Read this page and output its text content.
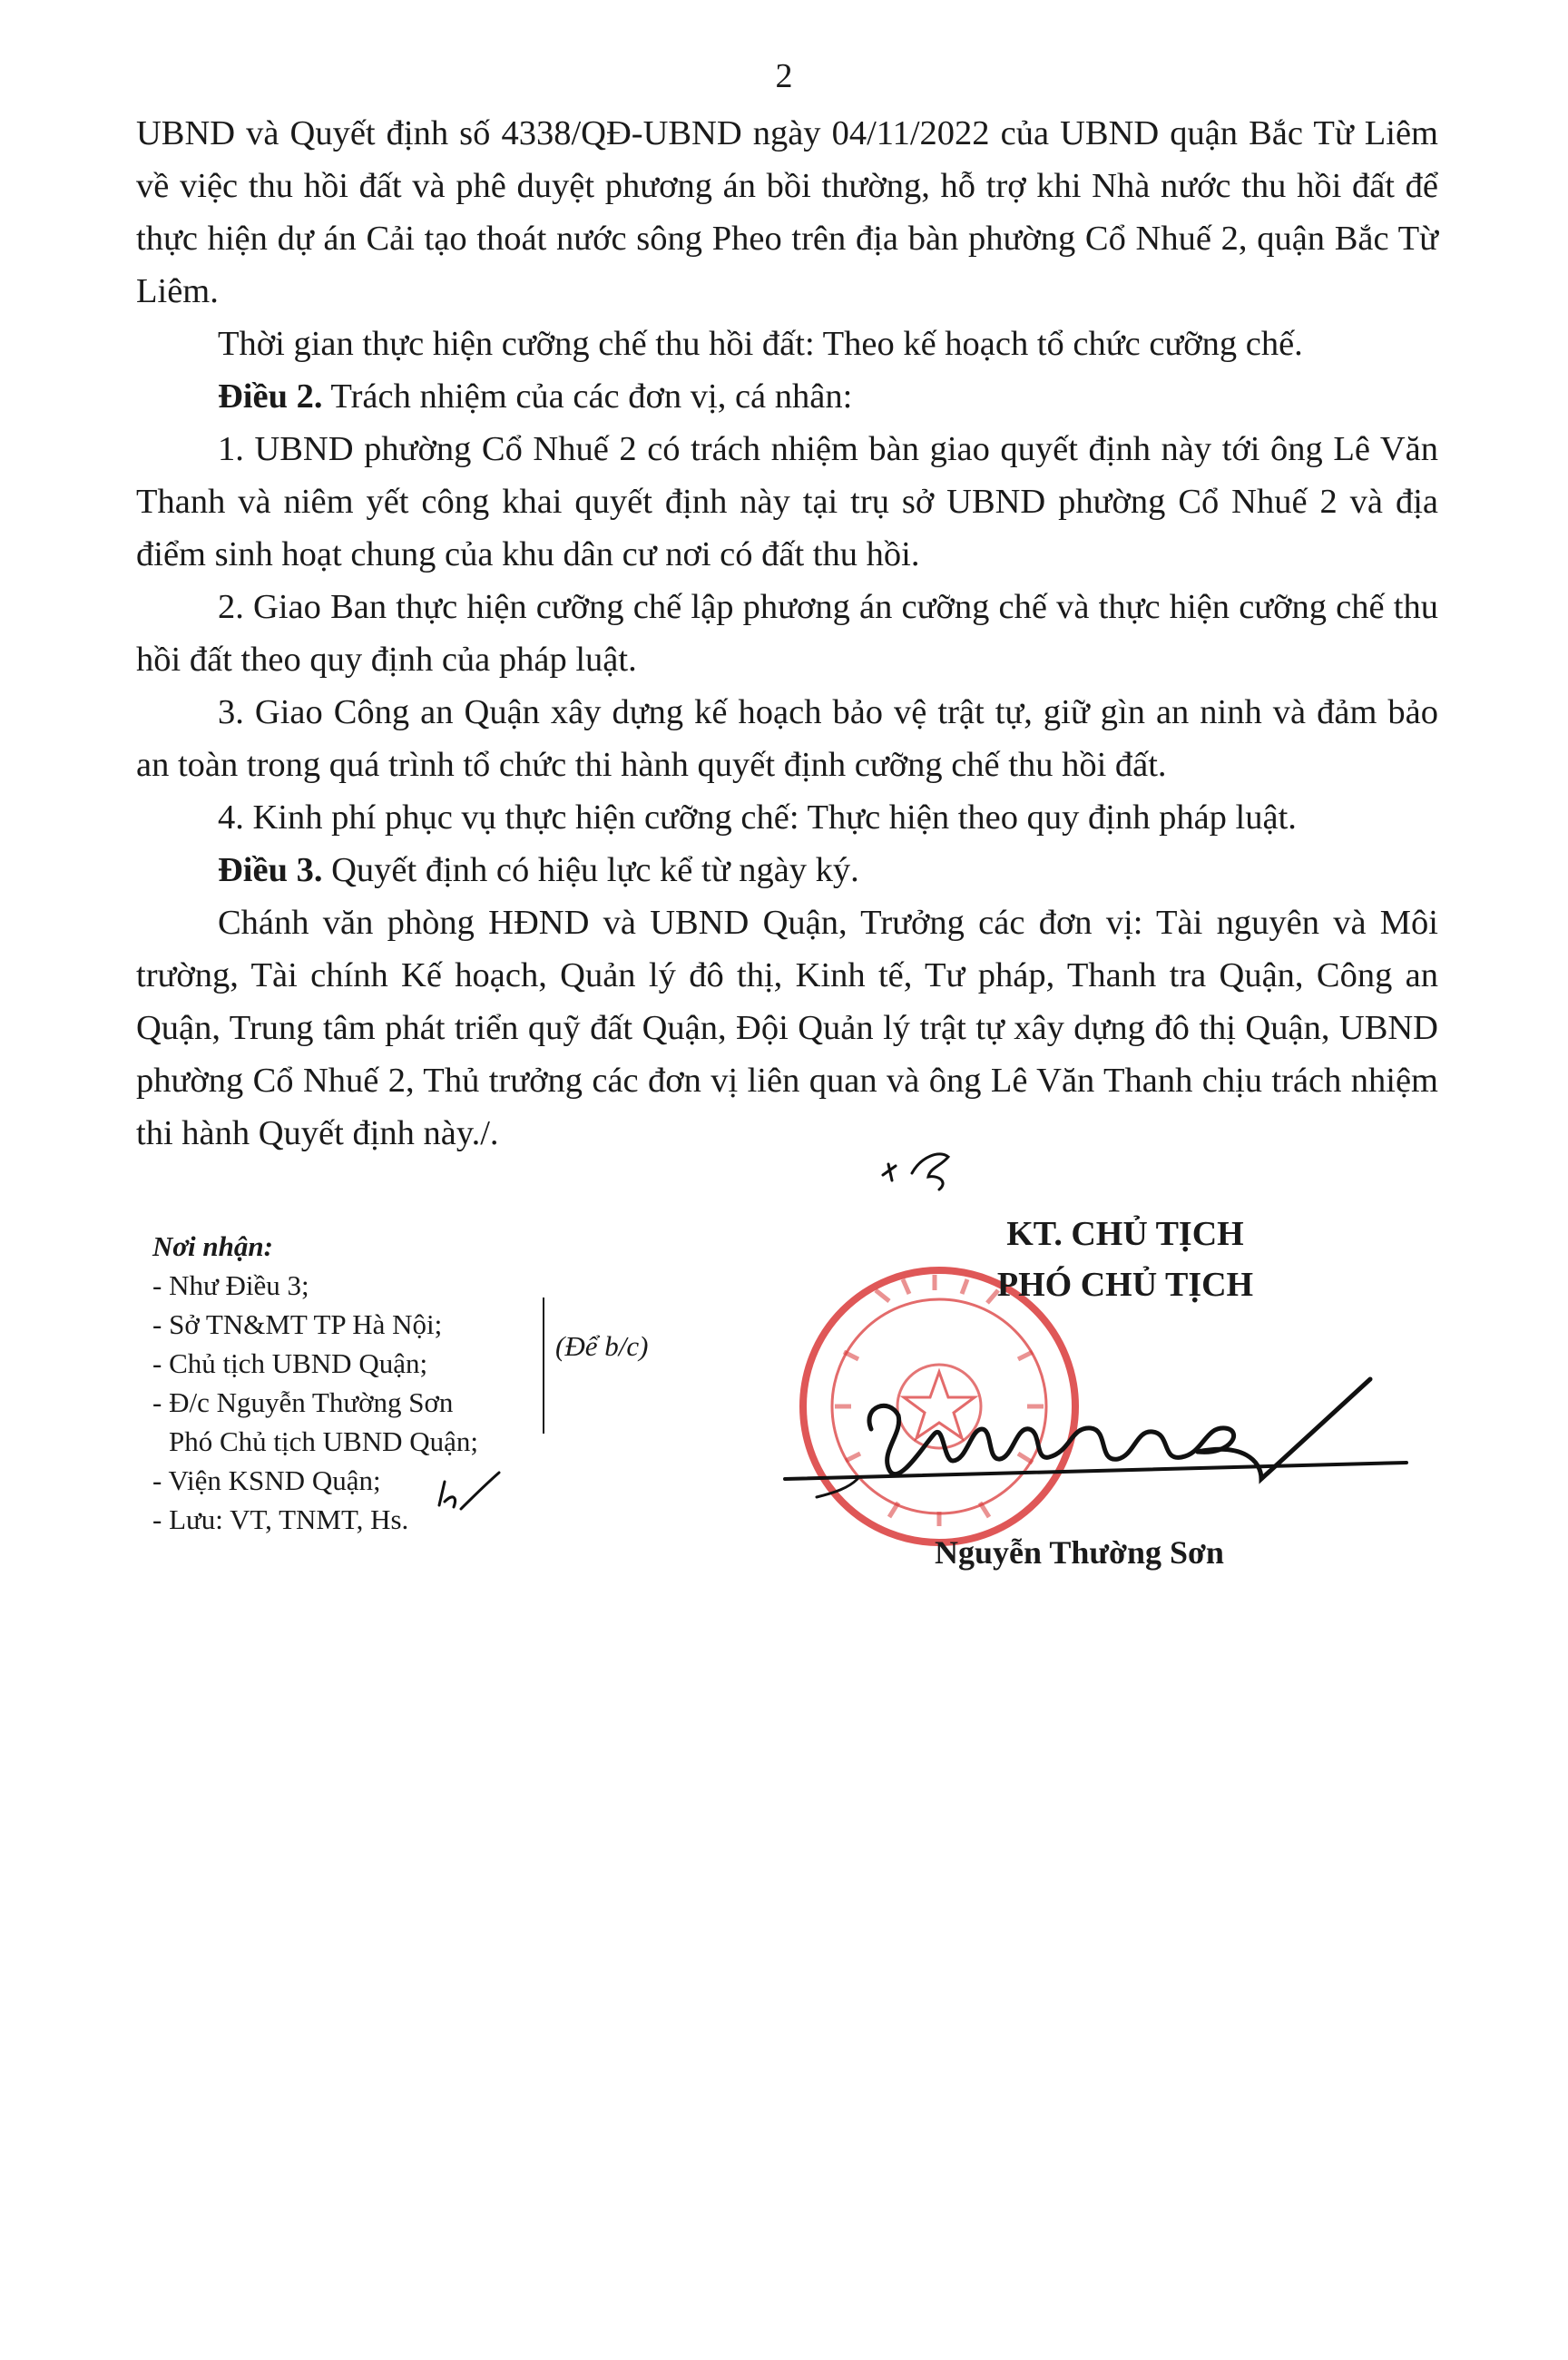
2

UBND và Quyết định số 4338/QĐ-UBND ngày 04/11/2022 của UBND quận Bắc Từ Liêm về việc thu hồi đất và phê duyệt phương án bồi thường, hỗ trợ khi Nhà nước thu hồi đất để thực hiện dự án Cải tạo thoát nước sông Pheo trên địa bàn phường Cổ Nhuế 2, quận Bắc Từ Liêm.

Thời gian thực hiện cưỡng chế thu hồi đất: Theo kế hoạch tổ chức cưỡng chế.

Điều 2. Trách nhiệm của các đơn vị, cá nhân:

1. UBND phường Cổ Nhuế 2 có trách nhiệm bàn giao quyết định này tới ông Lê Văn Thanh và niêm yết công khai quyết định này tại trụ sở UBND phường Cổ Nhuế 2 và địa điểm sinh hoạt chung của khu dân cư nơi có đất thu hồi.

2. Giao Ban thực hiện cưỡng chế lập phương án cưỡng chế và thực hiện cưỡng chế thu hồi đất theo quy định của pháp luật.

3. Giao Công an Quận xây dựng kế hoạch bảo vệ trật tự, giữ gìn an ninh và đảm bảo an toàn trong quá trình tổ chức thi hành quyết định cưỡng chế thu hồi đất.

4. Kinh phí phục vụ thực hiện cưỡng chế: Thực hiện theo quy định pháp luật.

Điều 3. Quyết định có hiệu lực kể từ ngày ký.

Chánh văn phòng HĐND và UBND Quận, Trưởng các đơn vị: Tài nguyên và Môi trường, Tài chính Kế hoạch, Quản lý đô thị, Kinh tế, Tư pháp, Thanh tra Quận, Công an Quận, Trung tâm phát triển quỹ đất Quận, Đội Quản lý trật tự xây dựng đô thị Quận, UBND phường Cổ Nhuế 2, Thủ trưởng các đơn vị liên quan và ông Lê Văn Thanh chịu trách nhiệm thi hành Quyết định này./.

Nơi nhận:
- Như Điều 3;
- Sở TN&MT TP Hà Nội;
- Chủ tịch UBND Quận;
- Đ/c Nguyễn Thường Sơn
Phó Chủ tịch UBND Quận;
- Viện KSND Quận;
- Lưu: VT, TNMT, Hs.
(Để b/c)
KT. CHỦ TỊCH
PHÓ CHỦ TỊCH
Nguyễn Thường Sơn
